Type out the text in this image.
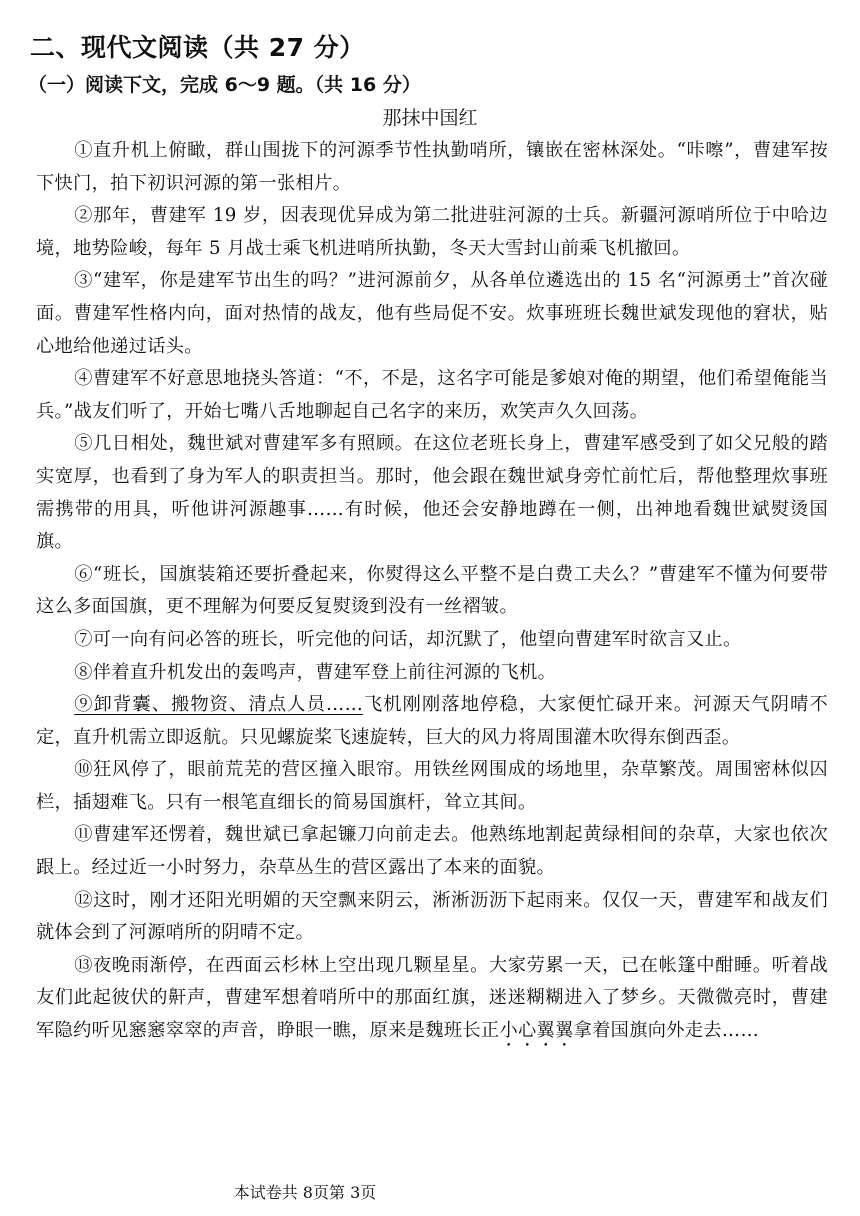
二、现代文阅读（共 27 分）
（一）阅读下文，完成 6～9 题。（共 16 分）
那抹中国红

①直升机上俯瞰，群山围拢下的河源季节性执勤哨所，镶嵌在密林深处。“咔嚓”，曹建军按下快门，拍下初识河源的第一张相片。

②那年，曹建军 19 岁，因表现优异成为第二批进驻河源的士兵。新疆河源哨所位于中哈边境，地势险峻，每年 5 月战士乘飞机进哨所执勤，冬天大雪封山前乘飞机撤回。

③“建军，你是建军节出生的吗？”进河源前夕，从各单位遴选出的 15 名“河源勇士”首次碰面。曹建军性格内向，面对热情的战友，他有些局促不安。炊事班班长魏世斌发现他的窘状，贴心地给他递过话头。

④曹建军不好意思地挠头答道：“不，不是，这名字可能是爹娘对俺的期望，他们希望俺能当兵。”战友们听了，开始七嘴八舌地聊起自己名字的来历，欢笑声久久回荡。

⑤几日相处，魏世斌对曹建军多有照顾。在这位老班长身上，曹建军感受到了如父兄般的踏实宽厚，也看到了身为军人的职责担当。那时，他会跟在魏世斌身旁忙前忙后，帮他整理炊事班需携带的用具，听他讲河源趣事……有时候，他还会安静地蹲在一侧，出神地看魏世斌熨烫国旗。

⑥“班长，国旗装箱还要折叠起来，你熨得这么平整不是白费工夫么？”曹建军不懂为何要带这么多面国旗，更不理解为何要反复熨烫到没有一丝褶皱。

⑦可一向有问必答的班长，听完他的问话，却沉默了，他望向曹建军时欲言又止。

⑧伴着直升机发出的轰鸣声，曹建军登上前往河源的飞机。

⑨卸背囊、搬物资、清点人员……飞机刚刚落地停稳，大家便忙碌开来。河源天气阴晴不定，直升机需立即返航。只见螺旋桨飞速旋转，巨大的风力将周围灌木吹得东倒西歪。

⑩狂风停了，眼前荒芜的营区撞入眼帘。用铁丝网围成的场地里，杂草繁茂。周围密林似囚栏，插翅难飞。只有一根笔直细长的简易国旗杆，耸立其间。

⑪曹建军还愣着，魏世斌已拿起镰刀向前走去。他熟练地割起黄绿相间的杂草，大家也依次跟上。经过近一小时努力，杂草丛生的营区露出了本来的面貌。

⑫这时，刚才还阳光明媚的天空飘来阴云，淅淅沥沥下起雨来。仅仅一天，曹建军和战友们就体会到了河源哨所的阴晴不定。

⑬夜晚雨渐停，在西面云杉林上空出现几颗星星。大家劳累一天，已在帐篷中酣睡。听着战友们此起彼伏的鼾声，曹建军想着哨所中的那面红旗，迷迷糊糊进入了梦乡。天微微亮时，曹建军隐约听见窸窸窣窣的声音，睁眼一瞧，原来是魏班长正小心翼翼拿着国旗向外走去……

本试卷共 8页第 3页
